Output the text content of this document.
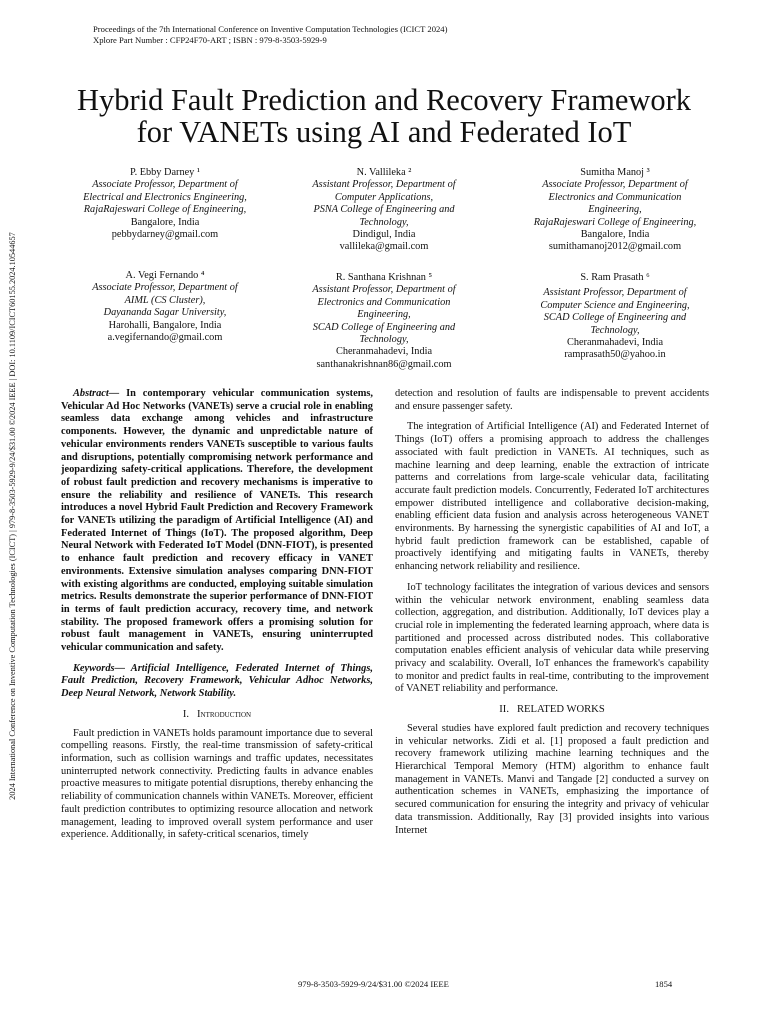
Proceedings of the 7th International Conference on Inventive Computation Technologies (ICICT 2024)
Xplore Part Number : CFP24F70-ART ; ISBN : 979-8-3503-5929-9
2024 International Conference on Inventive Computation Technologies (ICICT) | 979-8-3503-5929-9/24/$31.00 ©2024 IEEE | DOI: 10.1109/ICICT60155.2024.10544657
Hybrid Fault Prediction and Recovery Framework
for VANETs using AI and Federated IoT
P. Ebby Darney ¹
Associate Professor, Department of
Electrical and Electronics Engineering,
RajaRajeswari College of Engineering,
Bangalore, India
pebbydarney@gmail.com
N. Vallileka ²
Assistant Professor, Department of
Computer Applications,
PSNA College of Engineering and
Technology,
Dindigul, India
vallileka@gmail.com
Sumitha Manoj ³
Associate Professor, Department of
Electronics and Communication
Engineering,
RajaRajeswari College of Engineering,
Bangalore, India
sumithamanoj2012@gmail.com
A. Vegi Fernando ⁴
Associate Professor, Department of
AIML (CS Cluster),
Dayananda Sagar University,
Harohalli, Bangalore, India
a.vegifernando@gmail.com
R. Santhana Krishnan ⁵
Assistant Professor, Department of
Electronics and Communication
Engineering,
SCAD College of Engineering and
Technology,
Cheranmahadevi, India
santhanakrishnan86@gmail.com
S. Ram Prasath ⁶
Assistant Professor, Department of
Computer Science and Engineering,
SCAD College of Engineering and
Technology,
Cheranmahadevi, India
ramprasath50@yahoo.in

Abstract— In contemporary vehicular communication systems, Vehicular Ad Hoc Networks (VANETs) serve a crucial role in enabling seamless data exchange among vehicles and infrastructure components. However, the dynamic and unpredictable nature of vehicular environments renders VANETs susceptible to various faults and disruptions, potentially compromising network performance and jeopardizing safety-critical applications. Therefore, the development of robust fault prediction and recovery mechanisms is imperative to ensure the reliability and resilience of VANETs. This research introduces a novel Hybrid Fault Prediction and Recovery Framework for VANETs utilizing the paradigm of Artificial Intelligence (AI) and Federated Internet of Things (IoT). The proposed algorithm, Deep Neural Network with Federated IoT Model (DNN-FIOT), is presented to enhance fault prediction and recovery efficacy in VANET environments. Extensive simulation analyses comparing DNN-FIOT with existing algorithms are conducted, employing suitable simulation metrics. Results demonstrate the superior performance of DNN-FIOT in terms of fault prediction accuracy, recovery time, and network stability. The proposed framework offers a promising solution for robust fault management in VANETs, ensuring uninterrupted vehicular communication and safety.

Keywords— Artificial Intelligence, Federated Internet of Things, Fault Prediction, Recovery Framework, Vehicular Adhoc Networks, Deep Neural Network, Network Stability.

I. Introduction

Fault prediction in VANETs holds paramount importance due to several compelling reasons. Firstly, the real-time transmission of safety-critical information, such as collision warnings and traffic updates, necessitates uninterrupted network connectivity. Predicting faults in advance enables proactive measures to mitigate potential disruptions, thereby enhancing the reliability of communication channels within VANETs. Moreover, efficient fault prediction contributes to optimizing resource allocation and network management, leading to improved overall system performance and user experience. Additionally, in safety-critical scenarios, timely

detection and resolution of faults are indispensable to prevent accidents and ensure passenger safety.

The integration of Artificial Intelligence (AI) and Federated Internet of Things (IoT) offers a promising approach to address the challenges associated with fault prediction in VANETs. AI techniques, such as machine learning and deep learning, enable the extraction of intricate patterns and correlations from large-scale vehicular data, facilitating accurate fault prediction models. Concurrently, Federated IoT architectures empower distributed intelligence and collaborative decision-making, enabling efficient data fusion and analysis across heterogeneous VANET environments. By harnessing the synergistic capabilities of AI and IoT, a hybrid fault prediction framework can be established, capable of proactively identifying and mitigating faults in VANETs, thereby enhancing network reliability and resilience.

IoT technology facilitates the integration of various devices and sensors within the vehicular network environment, enabling seamless data collection, aggregation, and distribution. Additionally, IoT devices play a crucial role in implementing the federated learning approach, where data is partitioned and processed across distributed nodes. This collaborative computation enables efficient analysis of vehicular data while preserving privacy and scalability. Overall, IoT enhances the framework's capability to monitor and predict faults in real-time, contributing to the improvement of VANET reliability and performance.

II. RELATED WORKS

Several studies have explored fault prediction and recovery techniques in vehicular networks. Zidi et al. [1] proposed a fault prediction and recovery framework utilizing machine learning techniques and the Hierarchical Temporal Memory (HTM) algorithm to enhance fault management in VANETs. Manvi and Tangade [2] conducted a survey on authentication schemes in VANETs, emphasizing the importance of secured communication for ensuring the integrity and privacy of vehicular data transmission. Additionally, Ray [3] provided insights into various Internet

979-8-3503-5929-9/24/$31.00 ©2024 IEEE	1854
